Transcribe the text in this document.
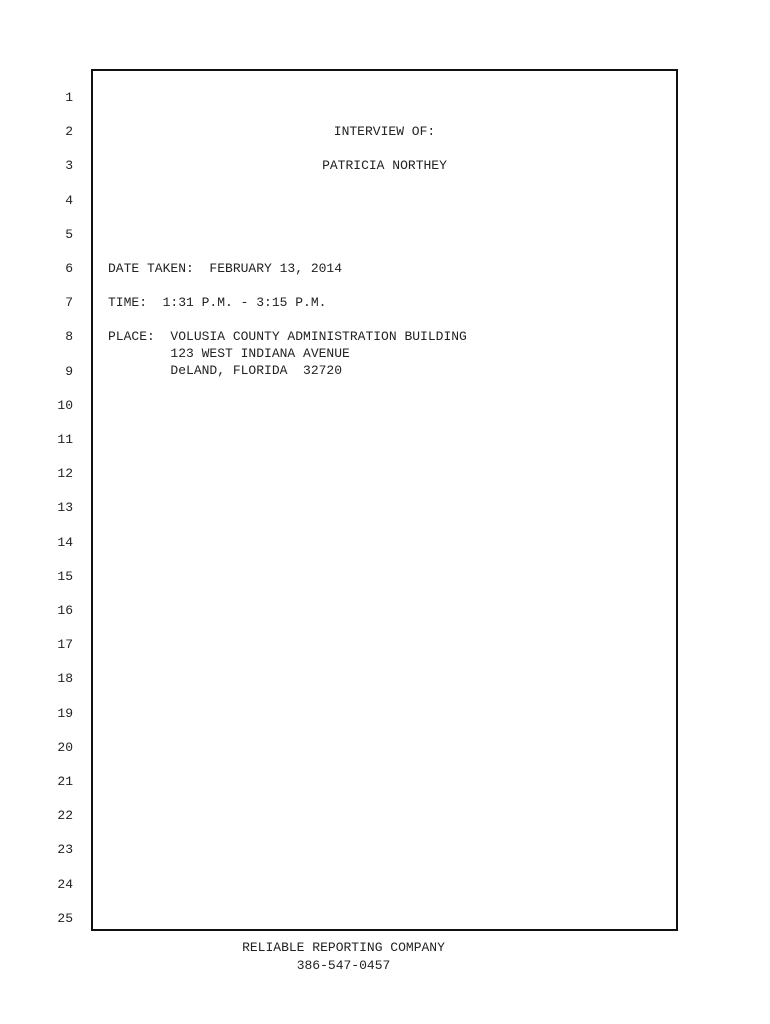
1
2
3
4
5
6
7
8
9
10
11
12
13
14
15
16
17
18
19
20
21
22
23
24
25
INTERVIEW OF:
PATRICIA NORTHEY
DATE TAKEN:  FEBRUARY 13, 2014
TIME:  1:31 P.M. - 3:15 P.M.
PLACE:  VOLUSIA COUNTY ADMINISTRATION BUILDING
123 WEST INDIANA AVENUE
DeLAND, FLORIDA  32720
RELIABLE REPORTING COMPANY
386-547-0457
